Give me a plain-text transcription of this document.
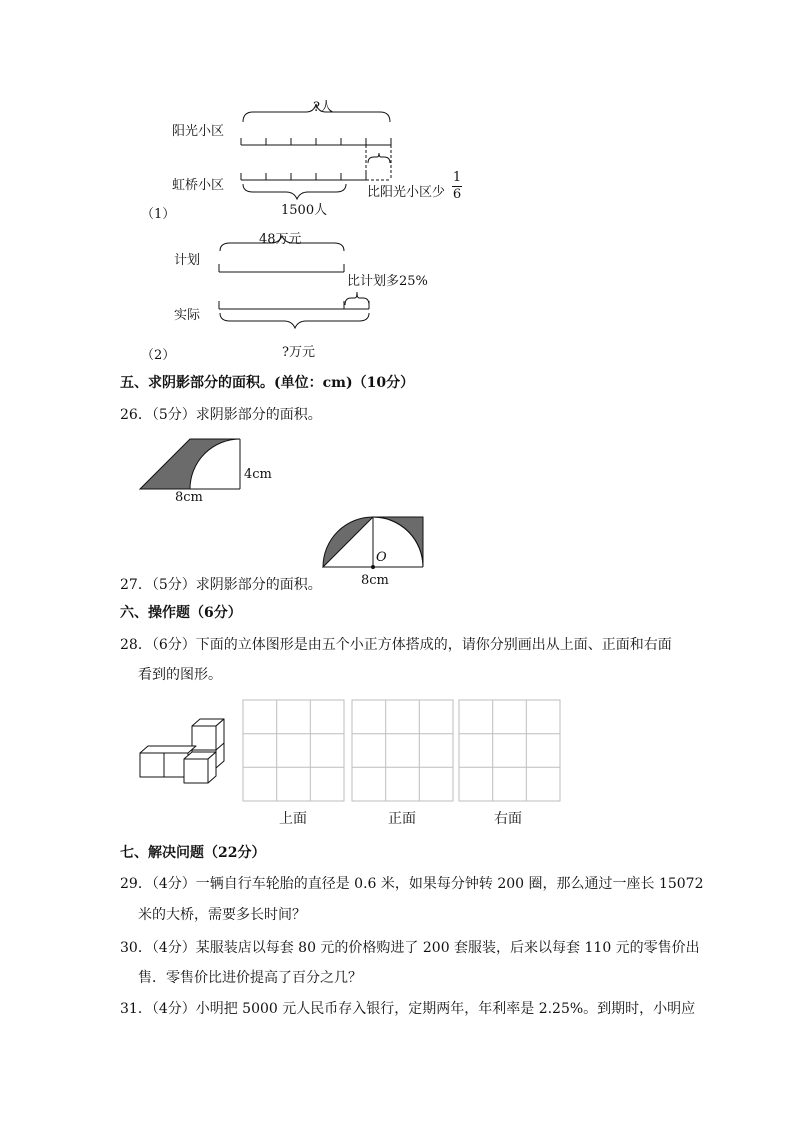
?人
阳光小区
虹桥小区
（1）	1500人
比阳光小区少
1
6
48万元
计划
比计划多25%
实际
（2）	?万元
五、求阴影部分的面积。(单位：cm)（10分）
26．（5分）求阴影部分的面积。
4cm
8cm
O
8cm
27．（5分）求阴影部分的面积。
六、操作题（6分）
28．（6分）下面的立体图形是由五个小正方体搭成的，请你分别画出从上面、正面和右面
看到的图形。
上面	正面	右面
七、解决问题（22分）
29．（4分）一辆自行车轮胎的直径是 0.6 米，如果每分钟转 200 圈，那么通过一座长 15072
米的大桥，需要多长时间？
30．（4分）某服装店以每套 80 元的价格购进了 200 套服装，后来以每套 110 元的零售价出
售．零售价比进价提高了百分之几？
31．（4分）小明把 5000 元人民币存入银行，定期两年，年利率是 2.25%。到期时，小明应
